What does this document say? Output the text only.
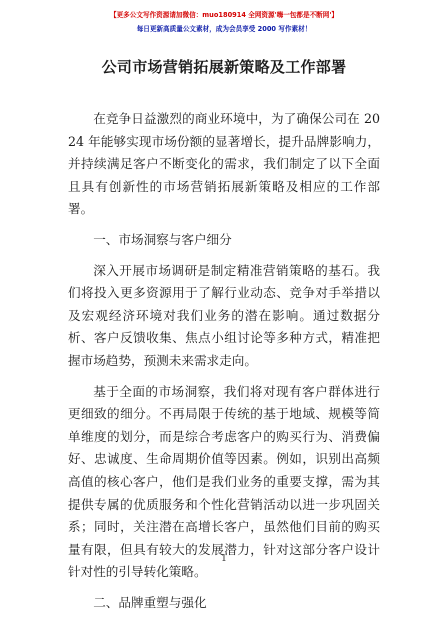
【更多公文写作资源请加微信：muo180914 全网资源'嗨一包都是不断网'】
每日更新高质量公文素材，成为会员享受 2000 写作素材！
公司市场营销拓展新策略及工作部署

在竞争日益激烈的商业环境中，为了确保公司在 2024 年能够实现市场份额的显著增长，提升品牌影响力，并持续满足客户不断变化的需求，我们制定了以下全面且具有创新性的市场营销拓展新策略及相应的工作部署。

一、市场洞察与客户细分

深入开展市场调研是制定精准营销策略的基石。我们将投入更多资源用于了解行业动态、竞争对手举措以及宏观经济环境对我们业务的潜在影响。通过数据分析、客户反馈收集、焦点小组讨论等多种方式，精准把握市场趋势，预测未来需求走向。

基于全面的市场洞察，我们将对现有客户群体进行更细致的细分。不再局限于传统的基于地域、规模等简单维度的划分，而是综合考虑客户的购买行为、消费偏好、忠诚度、生命周期价值等因素。例如，识别出高频高值的核心客户，他们是我们业务的重要支撑，需为其提供专属的优质服务和个性化营销活动以进一步巩固关系；同时，关注潜在高增长客户，虽然他们目前的购买量有限，但具有较大的发展潜力，针对这部分客户设计针对性的引导转化策略。

二、品牌重塑与强化

1
